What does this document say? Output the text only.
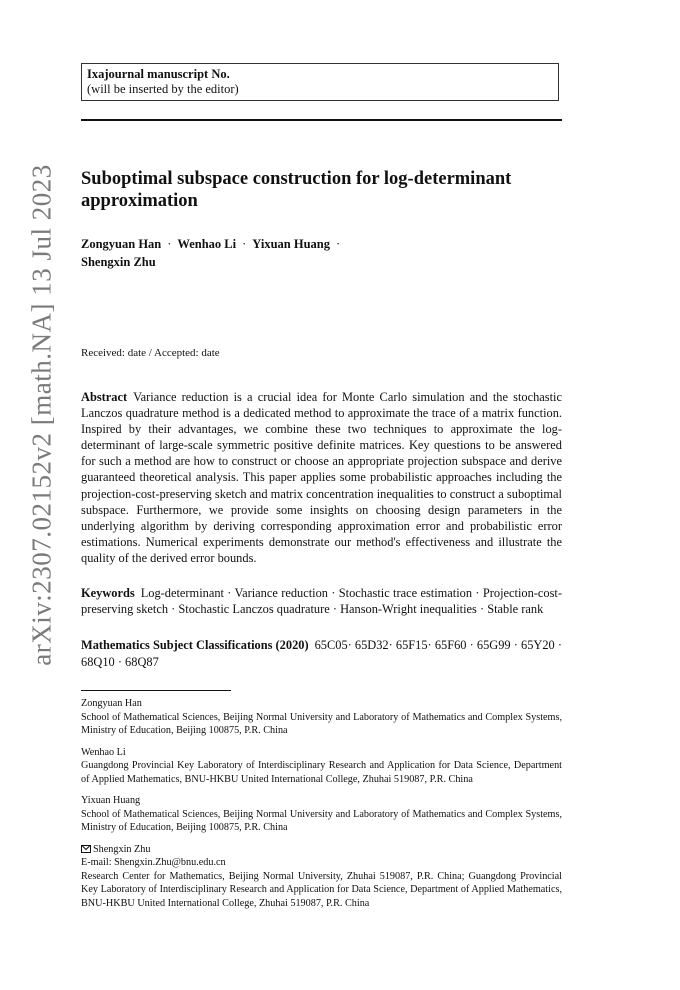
arXiv:2307.02152v2 [math.NA] 13 Jul 2023
Ixajournal manuscript No.
(will be inserted by the editor)
Suboptimal subspace construction for log-determinant approximation
Zongyuan Han · Wenhao Li · Yixuan Huang ·
Shengxin Zhu
Received: date / Accepted: date
Abstract Variance reduction is a crucial idea for Monte Carlo simulation and the stochastic Lanczos quadrature method is a dedicated method to approximate the trace of a matrix function. Inspired by their advantages, we combine these two techniques to approximate the log-determinant of large-scale symmetric positive definite matrices. Key questions to be answered for such a method are how to construct or choose an appropriate projection subspace and derive guaranteed theoretical analysis. This paper applies some probabilistic approaches including the projection-cost-preserving sketch and matrix concentration inequalities to construct a suboptimal subspace. Furthermore, we provide some insights on choosing design parameters in the underlying algorithm by deriving corresponding approximation error and probabilistic error estimations. Numerical experiments demonstrate our method's effectiveness and illustrate the quality of the derived error bounds.
Keywords Log-determinant · Variance reduction · Stochastic trace estimation · Projection-cost-preserving sketch · Stochastic Lanczos quadrature · Hanson-Wright inequalities · Stable rank
Mathematics Subject Classifications (2020) 65C05· 65D32· 65F15· 65F60 · 65G99 · 65Y20 · 68Q10 · 68Q87
Zongyuan Han
School of Mathematical Sciences, Beijing Normal University and Laboratory of Mathematics and Complex Systems, Ministry of Education, Beijing 100875, P.R. China
Wenhao Li
Guangdong Provincial Key Laboratory of Interdisciplinary Research and Application for Data Science, Department of Applied Mathematics, BNU-HKBU United International College, Zhuhai 519087, P.R. China
Yixuan Huang
School of Mathematical Sciences, Beijing Normal University and Laboratory of Mathematics and Complex Systems, Ministry of Education, Beijing 100875, P.R. China
Shengxin Zhu
E-mail: Shengxin.Zhu@bnu.edu.cn
Research Center for Mathematics, Beijing Normal University, Zhuhai 519087, P.R. China; Guangdong Provincial Key Laboratory of Interdisciplinary Research and Application for Data Science, Department of Applied Mathematics, BNU-HKBU United International College, Zhuhai 519087, P.R. China
